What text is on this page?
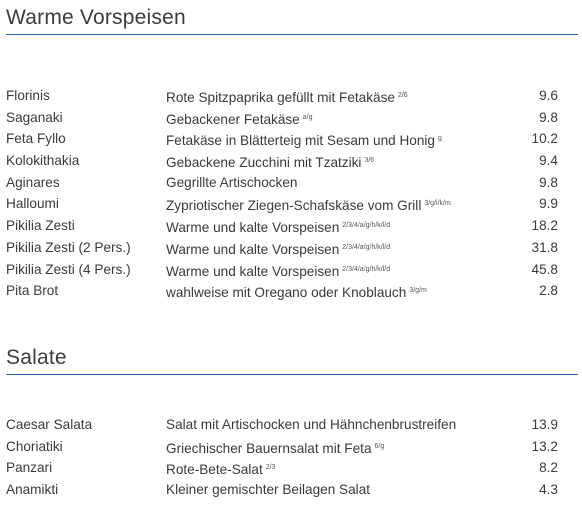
Warme Vorspeisen
Florinis	Rote Spitzpaprika gefüllt mit Fetakäse $^{2/6}$	9.6
Saganaki	Gebackener Fetakäse $^{a/g}$	9.8
Feta Fyllo	Fetakäse in Blätterteig mit Sesam und Honig $^g$	10.2
Kolokithakia	Gebackene Zucchini mit Tzatziki $^{3/6}$	9.4
Aginares	Gegrillte Artischocken	9.8
Halloumi	Zypriotischer Ziegen-Schafskäse vom Grill $^{3/g/i/k/m}$	9.9
Pikilia Zesti	Warme und kalte Vorspeisen $^{2/3/4/a/g/h/k/l/d}$	18.2
Pikilia Zesti (2 Pers.)	Warme und kalte Vorspeisen $^{2/3/4/a/g/h/k/l/d}$	31.8
Pikilia Zesti (4 Pers.)	Warme und kalte Vorspeisen $^{2/3/4/a/g/h/k/l/d}$	45.8
Pita Brot	wahlweise mit Oregano oder Knoblauch $^{3/g/m}$	2.8
Salate
Caesar Salata	Salat mit Artischocken und Hähnchenbrustreifen	13.9
Choriatiki	Griechischer Bauernsalat mit Feta $^{6/g}$	13.2
Panzari	Rote-Bete-Salat $^{2/3}$	8.2
Anamikti	Kleiner gemischter Beilagen Salat	4.3
